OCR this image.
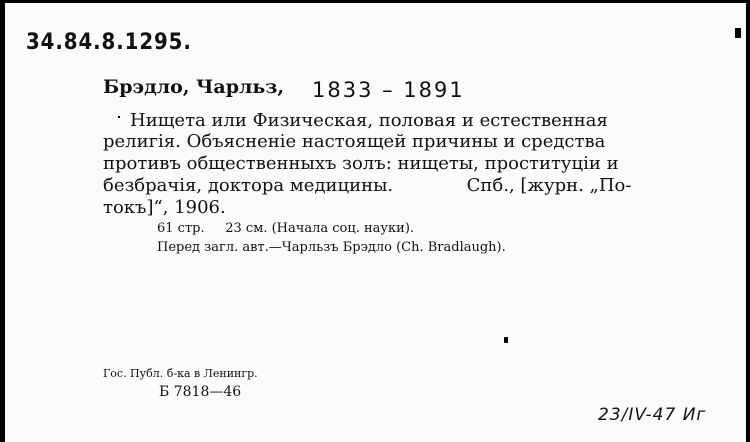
34.84.8.1295.
Брэдло, Чарльз, 1833 – 1891
Нищета или Физическая, половая и естественная
религія. Объясненіе настоящей причины и средства
противъ общественныхъ золъ: нищеты, проституціи и
безбрачія, доктора медицины.	Спб., [журн. „По-
токъ]“, 1906.
61 стр.     23 см. (Начала соц. науки).
Перед загл. авт.—Чарльзъ Брэдло (Ch. Bradlaugh).
Гос. Публ. б-ка в Ленингр.
Б 7818—46
23/IV-47 Иг
